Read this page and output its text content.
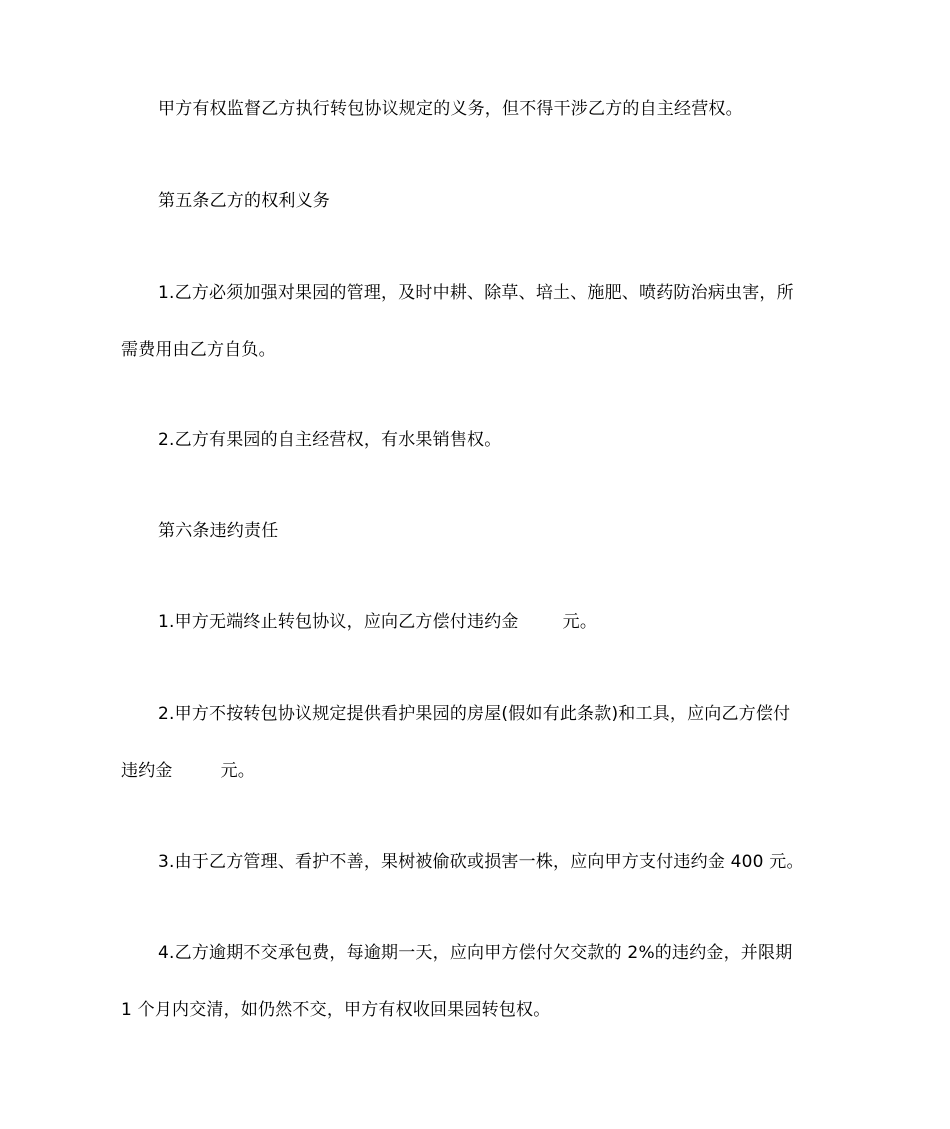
甲方有权监督乙方执行转包协议规定的义务，但不得干涉乙方的自主经营权。
第五条乙方的权利义务
1.乙方必须加强对果园的管理，及时中耕、除草、培土、施肥、喷药防治病虫害，所
需费用由乙方自负。
2.乙方有果园的自主经营权，有水果销售权。
第六条违约责任
1.甲方无端终止转包协议，应向乙方偿付违约金	元。
2.甲方不按转包协议规定提供看护果园的房屋(假如有此条款)和工具，应向乙方偿付
违约金	元。
3.由于乙方管理、看护不善，果树被偷砍或损害一株，应向甲方支付违约金 400 元。
4.乙方逾期不交承包费，每逾期一天，应向甲方偿付欠交款的 2%的违约金，并限期
1 个月内交清，如仍然不交，甲方有权收回果园转包权。
